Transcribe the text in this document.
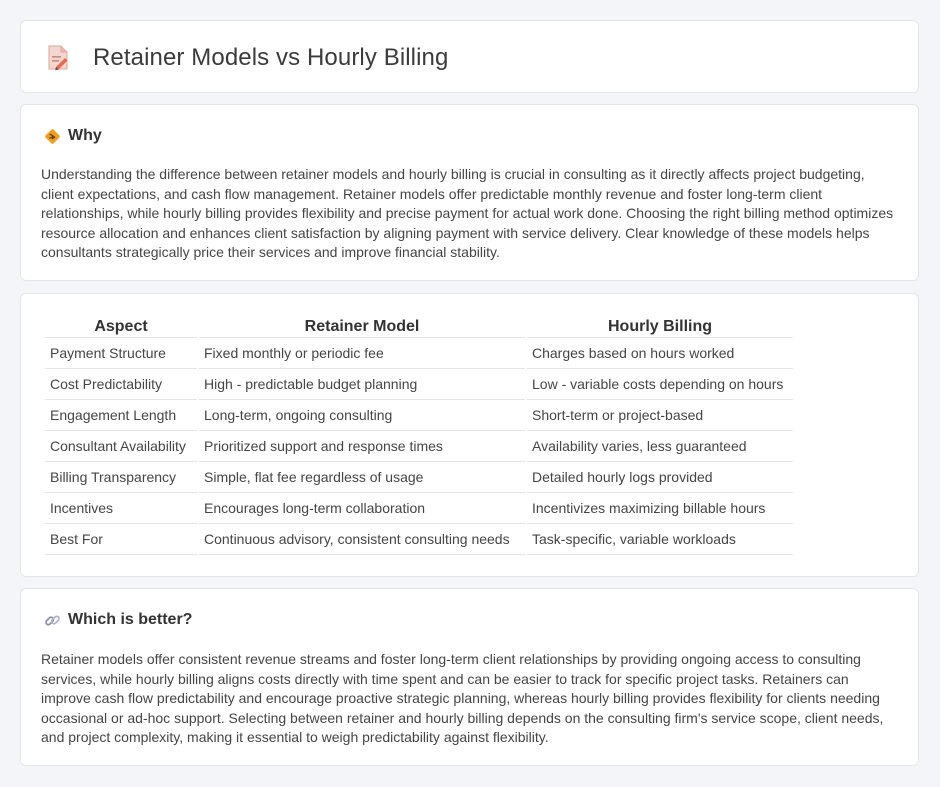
Retainer Models vs Hourly Billing
Why

Understanding the difference between retainer models and hourly billing is crucial in consulting as it directly affects project budgeting, client expectations, and cash flow management. Retainer models offer predictable monthly revenue and foster long-term client relationships, while hourly billing provides flexibility and precise payment for actual work done. Choosing the right billing method optimizes resource allocation and enhances client satisfaction by aligning payment with service delivery. Clear knowledge of these models helps consultants strategically price their services and improve financial stability.

Aspect	Retainer Model	Hourly Billing
Payment Structure	Fixed monthly or periodic fee	Charges based on hours worked
Cost Predictability	High - predictable budget planning	Low - variable costs depending on hours
Engagement Length	Long-term, ongoing consulting	Short-term or project-based
Consultant Availability	Prioritized support and response times	Availability varies, less guaranteed
Billing Transparency	Simple, flat fee regardless of usage	Detailed hourly logs provided
Incentives	Encourages long-term collaboration	Incentivizes maximizing billable hours
Best For	Continuous advisory, consistent consulting needs	Task-specific, variable workloads
Which is better?

Retainer models offer consistent revenue streams and foster long-term client relationships by providing ongoing access to consulting services, while hourly billing aligns costs directly with time spent and can be easier to track for specific project tasks. Retainers can improve cash flow predictability and encourage proactive strategic planning, whereas hourly billing provides flexibility for clients needing occasional or ad-hoc support. Selecting between retainer and hourly billing depends on the consulting firm's service scope, client needs, and project complexity, making it essential to weigh predictability against flexibility.
